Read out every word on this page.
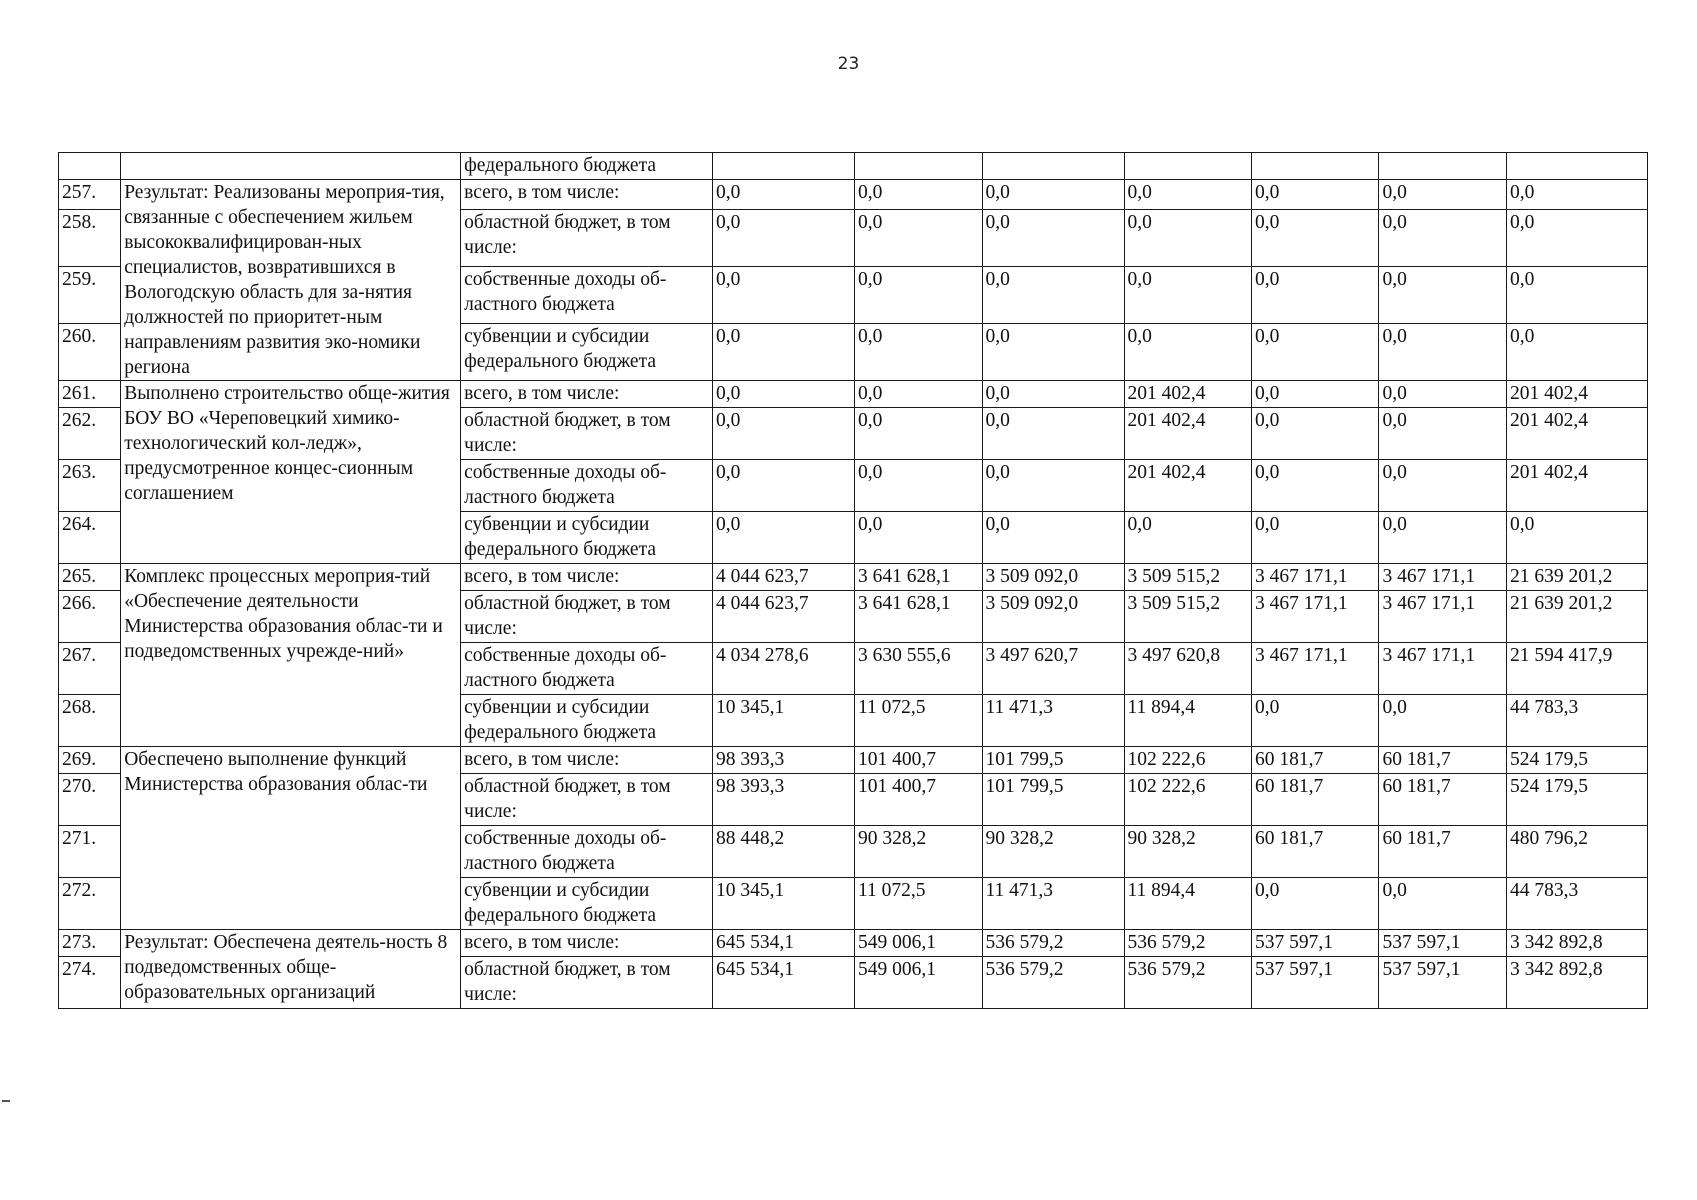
23
		федерального бюджета							
257.	Результат: Реализованы мероприя-тия, связанные с обеспечением жильем высококвалифицирован-ных специалистов, возвратившихся в Вологодскую область для за-нятия должностей по приоритет-ным направлениям развития эко-номики региона	всего, в том числе:	0,0	0,0	0,0	0,0	0,0	0,0	0,0
258.		областной бюджет, в том числе:	0,0	0,0	0,0	0,0	0,0	0,0	0,0
259.		собственные доходы об-ластного бюджета	0,0	0,0	0,0	0,0	0,0	0,0	0,0
260.		субвенции и субсидии федерального бюджета	0,0	0,0	0,0	0,0	0,0	0,0	0,0
261.	Выполнено строительство обще-жития БОУ ВО «Череповецкий химико-технологический кол-ледж», предусмотренное концес-сионным соглашением	всего, в том числе:	0,0	0,0	0,0	201 402,4	0,0	0,0	201 402,4
262.		областной бюджет, в том числе:	0,0	0,0	0,0	201 402,4	0,0	0,0	201 402,4
263.		собственные доходы об-ластного бюджета	0,0	0,0	0,0	201 402,4	0,0	0,0	201 402,4
264.		субвенции и субсидии федерального бюджета	0,0	0,0	0,0	0,0	0,0	0,0	0,0
265.	Комплекс процессных мероприя-тий «Обеспечение деятельности Министерства образования облас-ти и подведомственных учрежде-ний»	всего, в том числе:	4 044 623,7	3 641 628,1	3 509 092,0	3 509 515,2	3 467 171,1	3 467 171,1	21 639 201,2
266.		областной бюджет, в том числе:	4 044 623,7	3 641 628,1	3 509 092,0	3 509 515,2	3 467 171,1	3 467 171,1	21 639 201,2
267.		собственные доходы об-ластного бюджета	4 034 278,6	3 630 555,6	3 497 620,7	3 497 620,8	3 467 171,1	3 467 171,1	21 594 417,9
268.		субвенции и субсидии федерального бюджета	10 345,1	11 072,5	11 471,3	11 894,4	0,0	0,0	44 783,3
269.	Обеспечено выполнение функций Министерства образования облас-ти	всего, в том числе:	98 393,3	101 400,7	101 799,5	102 222,6	60 181,7	60 181,7	524 179,5
270.		областной бюджет, в том числе:	98 393,3	101 400,7	101 799,5	102 222,6	60 181,7	60 181,7	524 179,5
271.		собственные доходы об-ластного бюджета	88 448,2	90 328,2	90 328,2	90 328,2	60 181,7	60 181,7	480 796,2
272.		субвенции и субсидии федерального бюджета	10 345,1	11 072,5	11 471,3	11 894,4	0,0	0,0	44 783,3
273.	Результат: Обеспечена деятель-ность 8 подведомственных обще-образовательных организаций	всего, в том числе:	645 534,1	549 006,1	536 579,2	536 579,2	537 597,1	537 597,1	3 342 892,8
274.		областной бюджет, в том числе:	645 534,1	549 006,1	536 579,2	536 579,2	537 597,1	537 597,1	3 342 892,8
